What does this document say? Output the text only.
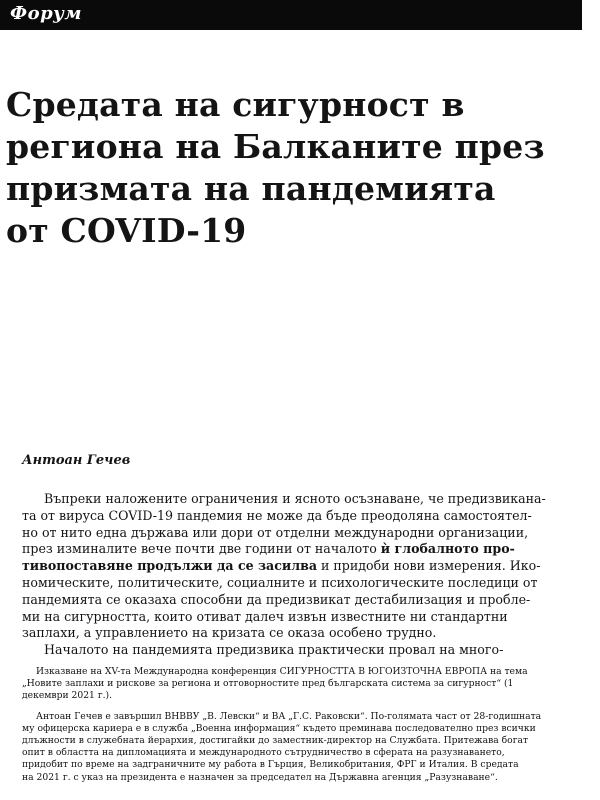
Форум
Средата на сигурност в
региона на Балканите през
призмата на пандемията
от COVID-19
Антоан Гечев
Въпреки наложените ограничения и ясното осъзнаване, че предизвикана-
та от вируса COVID-19 пандемия не може да бъде преодоляна самостоятел-
но от нито една държава или дори от отделни международни организации,
през изминалите вече почти две години от началото ѝ глобалното про-
тивопоставяне продължи да се засилва и придоби нови измерения. Ико-
номическите, политическите, социалните и психологическите последици от
пандемията се оказаха способни да предизвикат дестабилизация и пробле-
ми на сигурността, които отиват далеч извън известните ни стандартни
заплахи, а управлението на кризата се оказа особено трудно.
Началото на пандемията предизвика практически провал на много-
Изказване на XV-та Международна конференция СИГУРНОСТТА В ЮГОИЗТОЧНА ЕВРОПА на тема
„Новите заплахи и рискове за региона и отговорностите пред българската система за сигурност“ (1
декември 2021 г.).
Антоан Гечев е завършил ВНВВУ „В. Левски“ и ВА „Г.С. Раковски“. По-голямата част от 28-годишната
му офицерска кариера е в служба „Военна информация“ където преминава последователно през всички
длъжности в служебната йерархия, достигайки до заместник-директор на Службата. Притежава богат
опит в областта на дипломацията и международното сътрудничество в сферата на разузнаването,
придобит по време на задграничните му работа в Гърция, Великобритания, ФРГ и Италия. В средата
на 2021 г. с указ на президента е назначен за председател на Държавна агенция „Разузнаване“.
